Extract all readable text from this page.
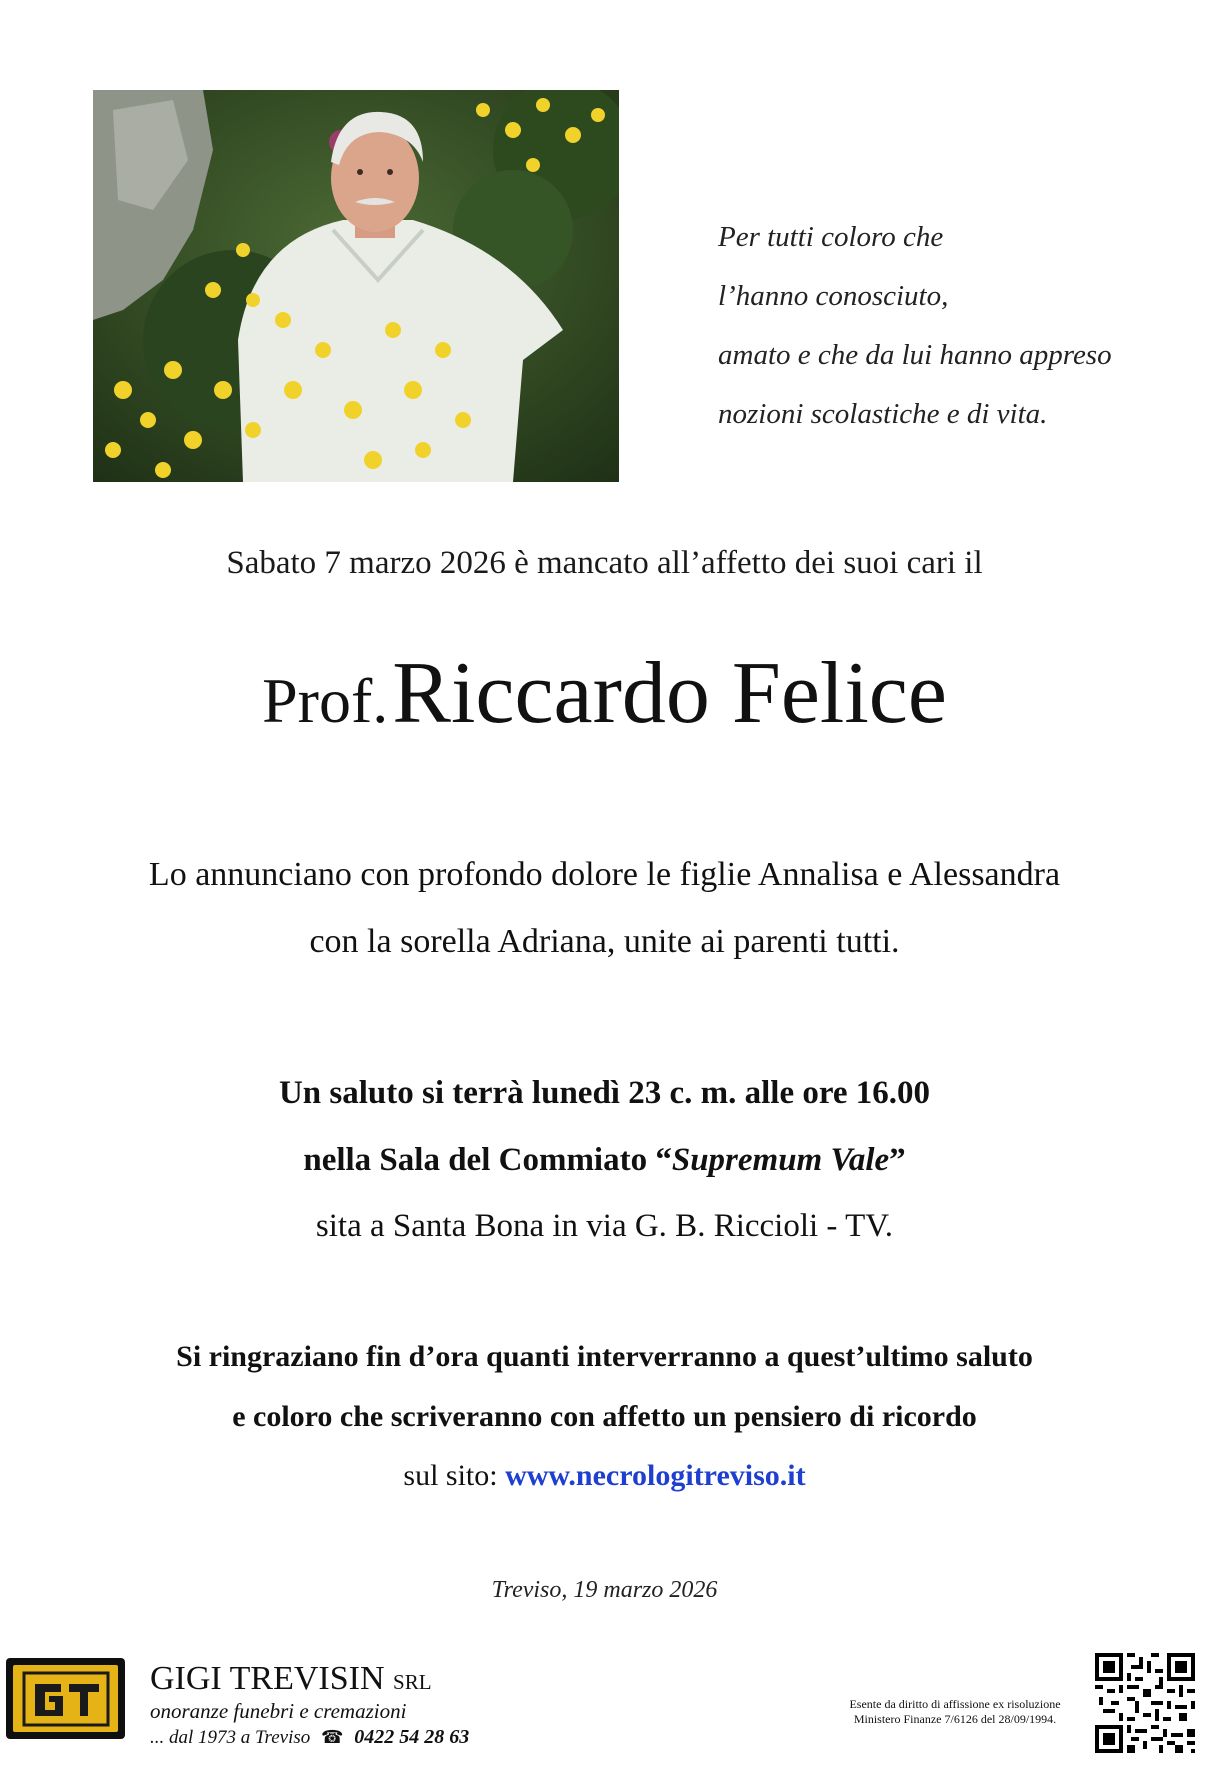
Per tutti coloro che
l’hanno conosciuto,
amato e che da lui hanno appreso
nozioni scolastiche e di vita.
Sabato 7 marzo 2026 è mancato all’affetto dei suoi cari il
Prof. Riccardo Felice
Lo annunciano con profondo dolore le figlie Annalisa e Alessandra
con la sorella Adriana, unite ai parenti tutti.
Un saluto si terrà lunedì 23 c. m. alle ore 16.00
nella Sala del Commiato “Supremum Vale”
sita a Santa Bona in via G. B. Riccioli - TV.
Si ringraziano fin d’ora quanti interverranno a quest’ultimo saluto
e coloro che scriveranno con affetto un pensiero di ricordo
sul sito: www.necrologitreviso.it
Treviso, 19 marzo 2026
GIGI TREVISIN SRL
onoranze funebri e cremazioni
... dal 1973 a Treviso ☎ 0422 54 28 63
Esente da diritto di affissione ex risoluzione
Ministero Finanze 7/6126 del 28/09/1994.
